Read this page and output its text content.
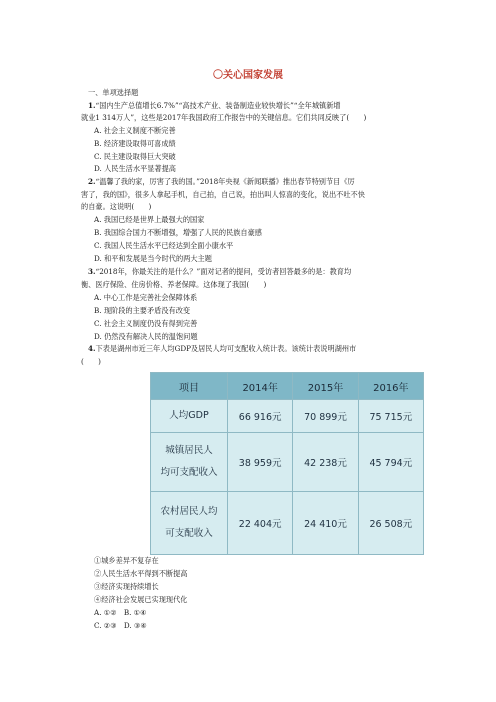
〇关心国家发展
一、单项选择题
1.“国内生产总值增长6.7%”“高技术产业、装备制造业较快增长”“全年城镇新增
就业1 314万人”，这些是2017年我国政府工作报告中的关键信息。它们共同反映了(　　)
A. 社会主义制度不断完善
B. 经济建设取得可喜成绩
C. 民主建设取得巨大突破
D. 人民生活水平显著提高
2.“温馨了我的家，厉害了我的国。”2018年央视《新闻联播》推出春节特别节目《厉
害了，我的国》，很多人拿起手机，自己拍，自己说，拍出叫人惊喜的变化，说出不吐不快
的自豪。这说明(　　)
A. 我国已经是世界上最强大的国家
B. 我国综合国力不断增强，增强了人民的民族自豪感
C. 我国人民生活水平已经达到全面小康水平
D. 和平和发展是当今时代的两大主题
3.“2018年，你最关注的是什么？”面对记者的提问，受访者回答最多的是：教育均
衡、医疗保险、住房价格、养老保障。这体现了我国(　　)
A. 中心工作是完善社会保障体系
B. 现阶段的主要矛盾没有改变
C. 社会主义制度仍没有得到完善
D. 仍然没有解决人民的温饱问题
4.下表是湖州市近三年人均GDP及居民人均可支配收入统计表。该统计表说明湖州市
(　　)
项目	2014年	2015年	2016年

人均GDP	66 916元	70 899元	75 715元

城镇居民人
均可支配收入	38 959元	42 238元	45 794元

农村居民人均
可支配收入	22 404元	24 410元	26 508元
①城乡差异不复存在
②人民生活水平得到不断提高
③经济实现持续增长
④经济社会发展已实现现代化
A. ①②　B. ①④
C. ②③　D. ③④
